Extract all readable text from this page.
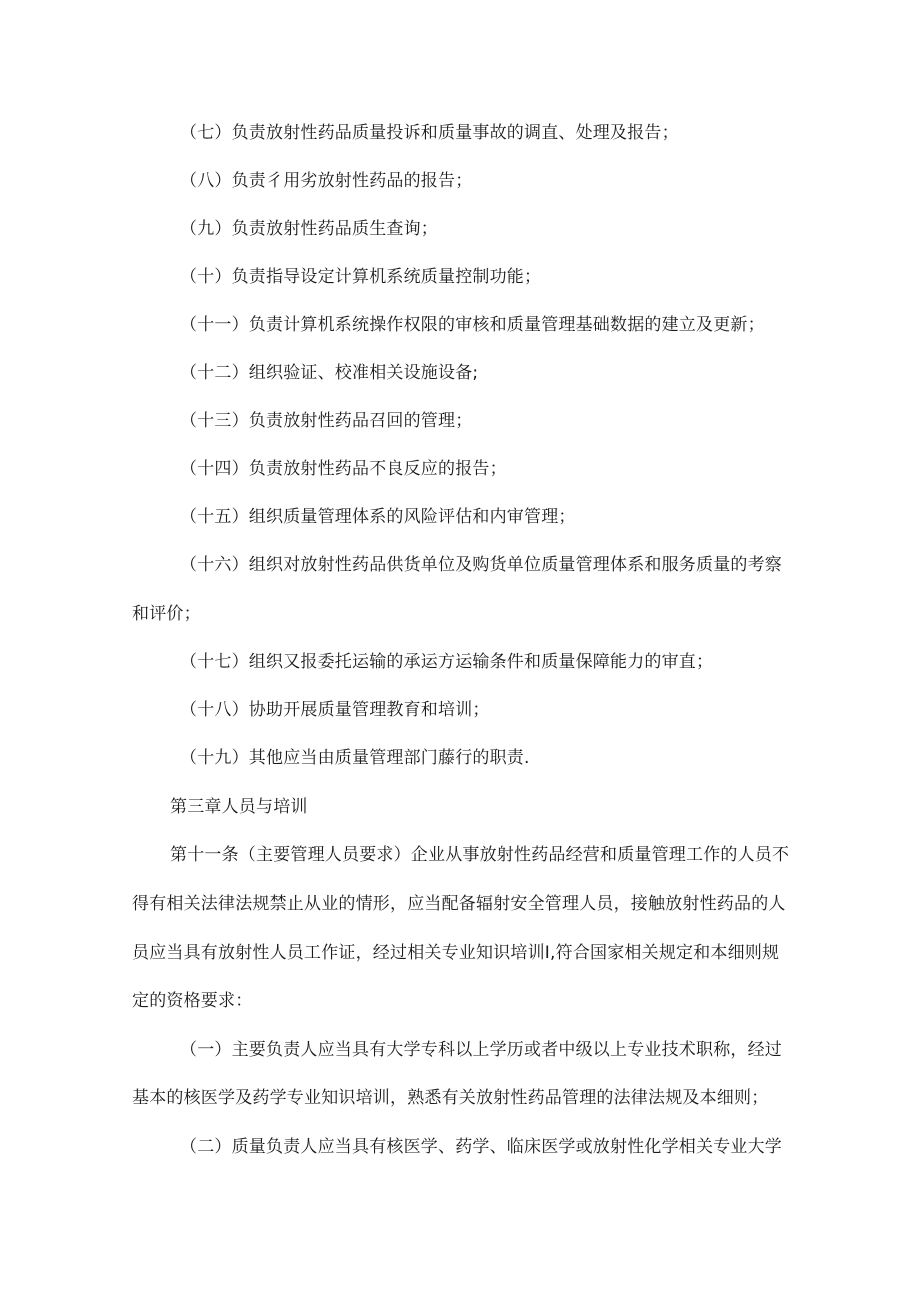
（七）负责放射性药品质量投诉和质量事故的调直、处理及报告；
（八）负责彳用劣放射性药品的报告；
（九）负责放射性药品质生查询；
（十）负责指导设定计算机系统质量控制功能；
（十一）负责计算机系统操作权限的审核和质量管理基础数据的建立及更新；
（十二）组织验证、校准相关设施设备;
（十三）负责放射性药品召回的管理；
（十四）负责放射性药品不良反应的报告；
（十五）组织质量管理体系的风险评估和内审管理；
（十六）组织对放射性药品供货单位及购货单位质量管理体系和服务质量的考察
和评价；
（十七）组织又报委托运输的承运方运输条件和质量保障能力的审直；
（十八）协助开展质量管理教育和培训；
（十九）其他应当由质量管理部门藤行的职责.
第三章人员与培训
第十一条（主要管理人员要求）企业从事放射性药品经营和质量管理工作的人员不
得有相关法律法规禁止从业的情形，应当配备辐射安全管理人员，接触放射性药品的人
员应当具有放射性人员工作证，经过相关专业知识培训I,符合国家相关规定和本细则规
定的资格要求：
（一）主要负责人应当具有大学专科以上学历或者中级以上专业技术职称，经过
基本的核医学及药学专业知识培训，熟悉有关放射性药品管理的法律法规及本细则；
（二）质量负责人应当具有核医学、药学、临床医学或放射性化学相关专业大学
